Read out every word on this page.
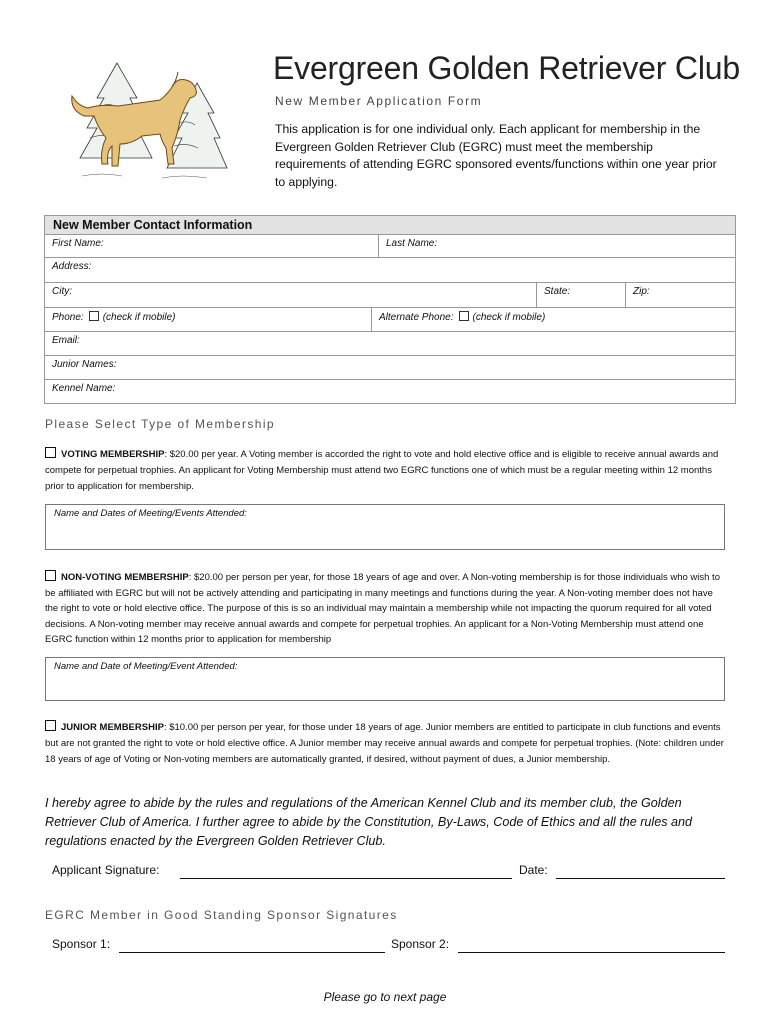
Evergreen Golden Retriever Club
New Member Application Form
This application is for one individual only. Each applicant for membership in the Evergreen Golden Retriever Club (EGRC) must meet the membership requirements of attending EGRC sponsored events/functions within one year prior to applying.
New Member Contact Information
First Name:	Last Name:
Address:
City:	State:	Zip:
Phone: (check if mobile)	Alternate Phone: (check if mobile)
Email:
Junior Names:
Kennel Name:
Please Select Type of Membership
VOTING MEMBERSHIP: $20.00 per year. A Voting member is accorded the right to vote and hold elective office and is eligible to receive annual awards and compete for perpetual trophies. An applicant for Voting Membership must attend two EGRC functions one of which must be a regular meeting within 12 months prior to application for membership.
Name and Dates of Meeting/Events Attended:
NON-VOTING MEMBERSHIP: $20.00 per person per year, for those 18 years of age and over. A Non-voting membership is for those individuals who wish to be affiliated with EGRC but will not be actively attending and participating in many meetings and functions during the year. A Non-voting member does not have the right to vote or hold elective office. The purpose of this is so an individual may maintain a membership while not impacting the quorum required for all voted decisions. A Non-voting member may receive annual awards and compete for perpetual trophies. An applicant for a Non-Voting Membership must attend one EGRC function within 12 months prior to application for membership
Name and Date of Meeting/Event Attended:
JUNIOR MEMBERSHIP: $10.00 per person per year, for those under 18 years of age. Junior members are entitled to participate in club functions and events but are not granted the right to vote or hold elective office. A Junior member may receive annual awards and compete for perpetual trophies. (Note: children under 18 years of age of Voting or Non-voting members are automatically granted, if desired, without payment of dues, a Junior membership.
I hereby agree to abide by the rules and regulations of the American Kennel Club and its member club, the Golden Retriever Club of America. I further agree to abide by the Constitution, By-Laws, Code of Ethics and all the rules and regulations enacted by the Evergreen Golden Retriever Club.
Applicant Signature:	Date:
EGRC Member in Good Standing Sponsor Signatures
Sponsor 1:	Sponsor 2:
Please go to next page
